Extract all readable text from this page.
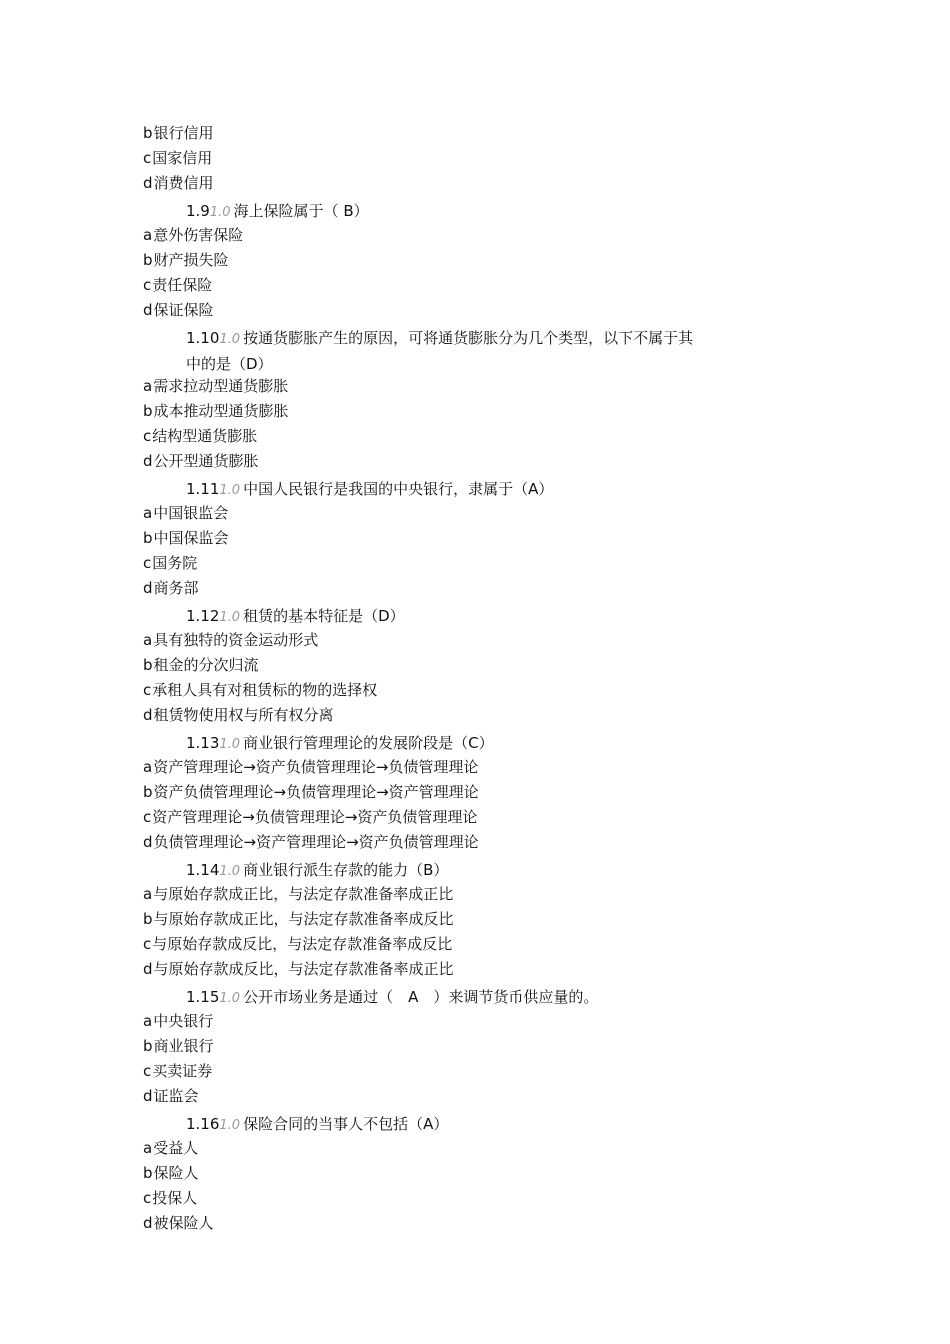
b银行信用
c国家信用
d消费信用
1.91.0 海上保险属于（ B）
a意外伤害保险
b财产损失险
c责任保险
d保证保险
1.101.0 按通货膨胀产生的原因，可将通货膨胀分为几个类型，以下不属于其中的是（D）
a需求拉动型通货膨胀
b成本推动型通货膨胀
c结构型通货膨胀
d公开型通货膨胀
1.111.0 中国人民银行是我国的中央银行，隶属于（A）
a中国银监会
b中国保监会
c国务院
d商务部
1.121.0 租赁的基本特征是（D）
a具有独特的资金运动形式
b租金的分次归流
c承租人具有对租赁标的物的选择权
d租赁物使用权与所有权分离
1.131.0 商业银行管理理论的发展阶段是（C）
a资产管理理论→资产负债管理理论→负债管理理论
b资产负债管理理论→负债管理理论→资产管理理论
c资产管理理论→负债管理理论→资产负债管理理论
d负债管理理论→资产管理理论→资产负债管理理论
1.141.0 商业银行派生存款的能力（B）
a与原始存款成正比，与法定存款准备率成正比
b与原始存款成正比，与法定存款准备率成反比
c与原始存款成反比，与法定存款准备率成反比
d与原始存款成反比，与法定存款准备率成正比
1.151.0 公开市场业务是通过（　A　）来调节货币供应量的。
a中央银行
b商业银行
c买卖证券
d证监会
1.161.0 保险合同的当事人不包括（A）
a受益人
b保险人
c投保人
d被保险人
